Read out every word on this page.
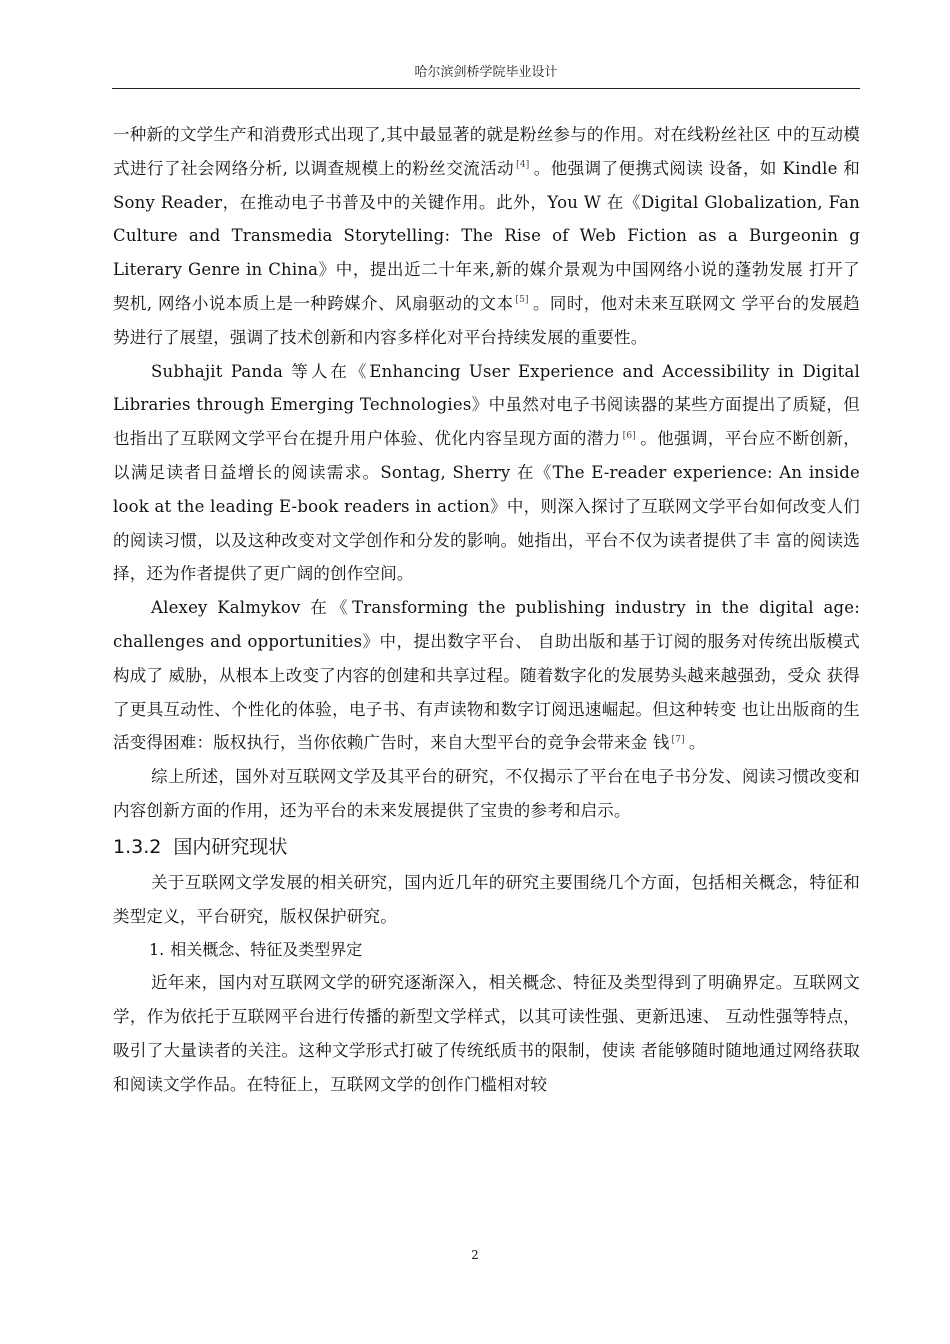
哈尔滨剑桥学院毕业设计

一种新的文学生产和消费形式出现了,其中最显著的就是粉丝参与的作用。对在线粉丝社区 中的互动模式进行了社会网络分析, 以调查规模上的粉丝交流活动 [4] 。他强调了便携式阅读 设备，如 Kindle 和 Sony Reader，在推动电子书普及中的关键作用。此外，You W 在《Digital Globalization, Fan Culture and Transmedia Storytelling: The Rise of Web Fiction as a Burgeonin g Literary Genre in China》中，提出近二十年来,新的媒介景观为中国网络小说的蓬勃发展 打开了契机, 网络小说本质上是一种跨媒介、风扇驱动的文本 [5] 。同时，他对未来互联网文 学平台的发展趋势进行了展望，强调了技术创新和内容多样化对平台持续发展的重要性。

Subhajit Panda 等人在《Enhancing User Experience and Accessibility in Digital Libraries through Emerging Technologies》中虽然对电子书阅读器的某些方面提出了质疑，但也指出了互联网文学平台在提升用户体验、优化内容呈现方面的潜力 [6] 。他强调，平台应不断创新，以满足读者日益增长的阅读需求。Sontag, Sherry 在《The E-reader experience: An inside look at the leading E-book readers in action》中，则深入探讨了互联网文学平台如何改变人们 的阅读习惯，以及这种改变对文学创作和分发的影响。她指出，平台不仅为读者提供了丰 富的阅读选择，还为作者提供了更广阔的创作空间。

Alexey Kalmykov 在《Transforming the publishing industry in the digital age: challenges and opportunities》中，提出数字平台、 自助出版和基于订阅的服务对传统出版模式构成了 威胁，从根本上改变了内容的创建和共享过程。随着数字化的发展势头越来越强劲，受众 获得了更具互动性、个性化的体验，电子书、有声读物和数字订阅迅速崛起。但这种转变 也让出版商的生活变得困难：版权执行，当你依赖广告时，来自大型平台的竞争会带来金 钱 [7] 。

综上所述，国外对互联网文学及其平台的研究，不仅揭示了平台在电子书分发、阅读习惯改变和内容创新方面的作用，还为平台的未来发展提供了宝贵的参考和启示。

1.3.2 国内研究现状

关于互联网文学发展的相关研究，国内近几年的研究主要围绕几个方面，包括相关概念，特征和类型定义，平台研究，版权保护研究。

1. 相关概念、特征及类型界定

近年来，国内对互联网文学的研究逐渐深入，相关概念、特征及类型得到了明确界定。互联网文学，作为依托于互联网平台进行传播的新型文学样式，以其可读性强、更新迅速、 互动性强等特点，吸引了大量读者的关注。这种文学形式打破了传统纸质书的限制，使读 者能够随时随地通过网络获取和阅读文学作品。在特征上，互联网文学的创作门槛相对较

2
